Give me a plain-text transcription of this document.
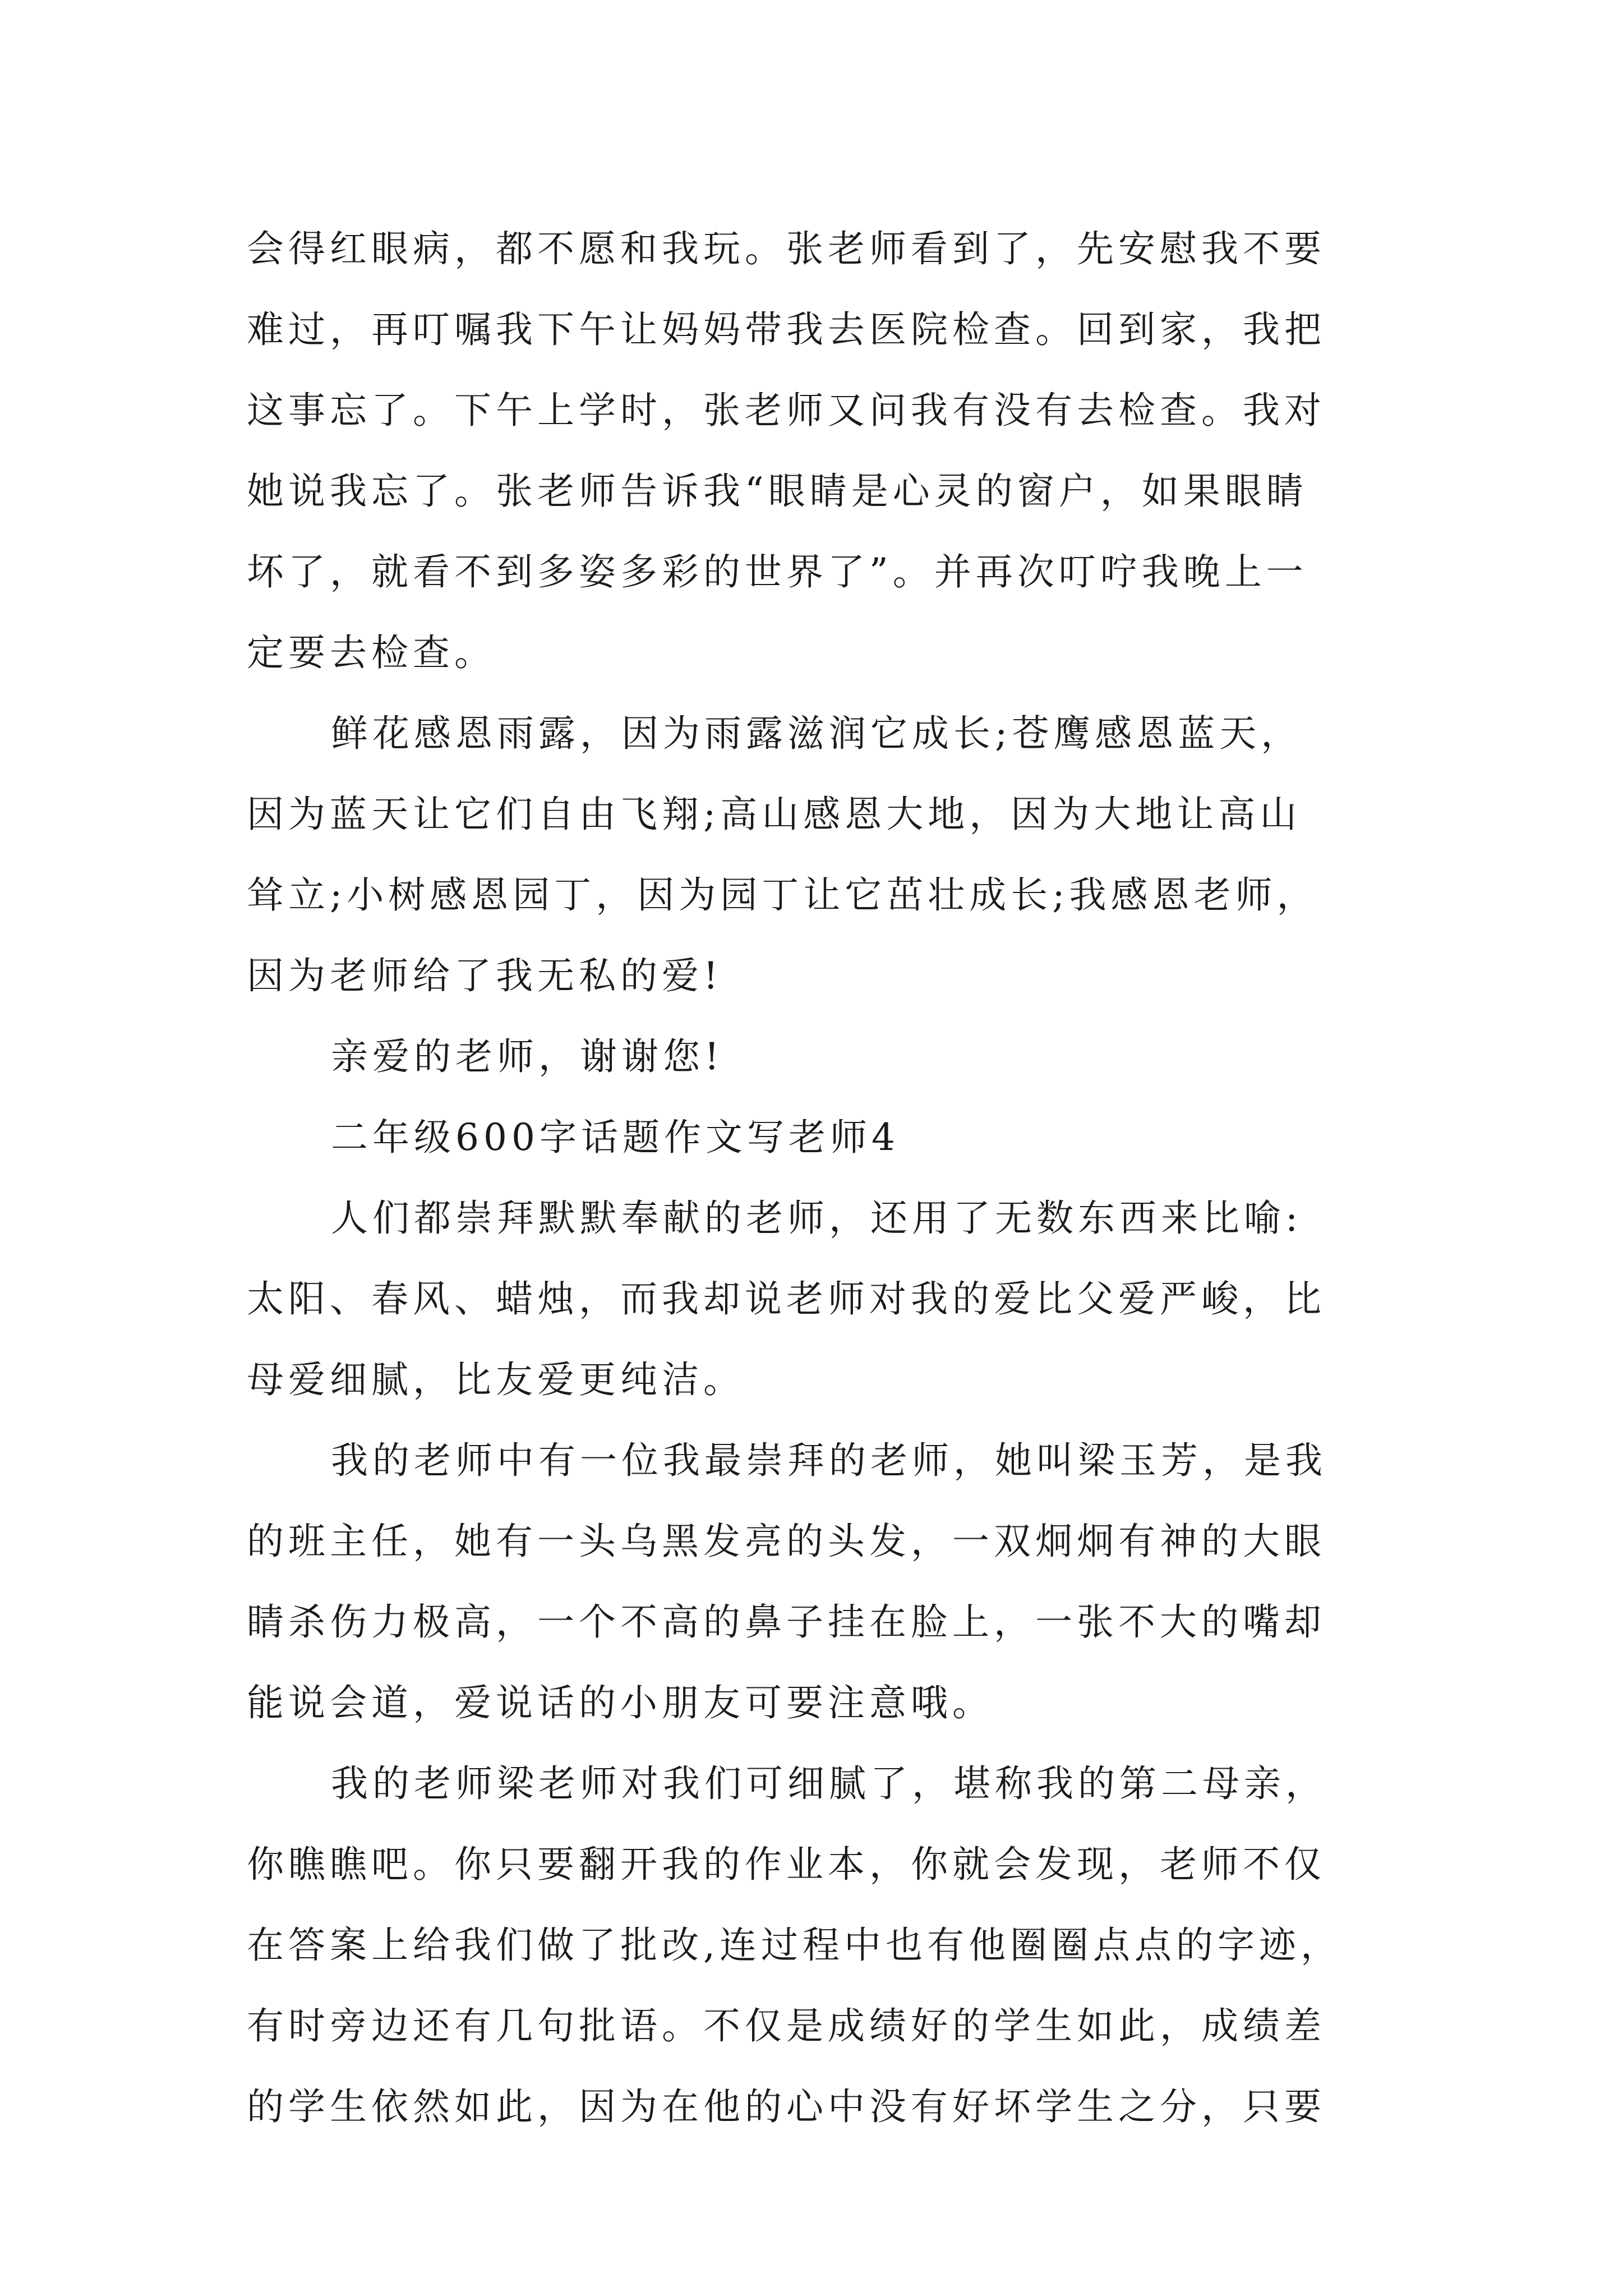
会得红眼病，都不愿和我玩。张老师看到了，先安慰我不要
难过，再叮嘱我下午让妈妈带我去医院检查。回到家，我把
这事忘了。下午上学时，张老师又问我有没有去检查。我对
她说我忘了。张老师告诉我“眼睛是心灵的窗户，如果眼睛
坏了，就看不到多姿多彩的世界了”。并再次叮咛我晚上一
定要去检查。
鲜花感恩雨露，因为雨露滋润它成长;苍鹰感恩蓝天，
因为蓝天让它们自由飞翔;高山感恩大地，因为大地让高山
耸立;小树感恩园丁，因为园丁让它茁壮成长;我感恩老师，
因为老师给了我无私的爱!
亲爱的老师，谢谢您!
二年级600字话题作文写老师4
人们都崇拜默默奉献的老师，还用了无数东西来比喻:
太阳、春风、蜡烛，而我却说老师对我的爱比父爱严峻，比
母爱细腻，比友爱更纯洁。
我的老师中有一位我最崇拜的老师，她叫梁玉芳，是我
的班主任，她有一头乌黑发亮的头发，一双炯炯有神的大眼
睛杀伤力极高，一个不高的鼻子挂在脸上，一张不大的嘴却
能说会道，爱说话的小朋友可要注意哦。
我的老师梁老师对我们可细腻了，堪称我的第二母亲，
你瞧瞧吧。你只要翻开我的作业本，你就会发现，老师不仅
在答案上给我们做了批改,连过程中也有他圈圈点点的字迹，
有时旁边还有几句批语。不仅是成绩好的学生如此，成绩差
的学生依然如此，因为在他的心中没有好坏学生之分，只要
